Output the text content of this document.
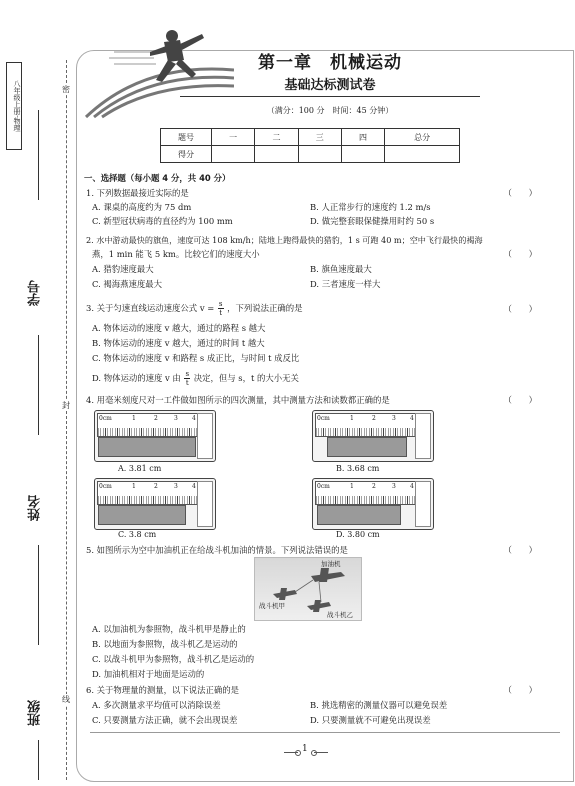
八年级上册·物理
学号
姓名
班级
密
封
线
第一章　机械运动
基础达标测试卷
（满分：100 分　时间：45 分钟）
题号	一	二	三	四	总分
得分					
一、选择题（每小题 4 分，共 40 分）
1. 下列数据最接近实际的是	（　　）
A. 课桌的高度约为 75 dm	B. 人正常步行的速度约 1.2 m/s
C. 新型冠状病毒的直径约为 100 mm	D. 做完整套眼保健操用时约 50 s
2. 水中游动最快的旗鱼，速度可达 108 km/h；陆地上跑得最快的猎豹，1 s 可跑 40 m；空中飞行最快的褐海
燕，1 min 能飞 5 km。比较它们的速度大小	（　　）
A. 猎豹速度最大	B. 旗鱼速度最大
C. 褐海燕速度最大	D. 三者速度一样大
3. 关于匀速直线运动速度公式 $v = \frac{s}{t}$ ，下列说法正确的是	（　　）
A. 物体运动的速度 v 越大，通过的路程 s 越大
B. 物体运动的速度 v 越大，通过的时间 t 越大
C. 物体运动的速度 v 和路程 s 成正比，与时间 t 成反比
D. 物体运动的速度 v 由 $\frac{s}{t}$ 决定，但与 s，t 的大小无关
4. 用毫米刻度尺对一工件做如图所示的四次测量，其中测量方法和读数都正确的是	（　　）
0cm	1	2	3 4
A. 3.81 cm
0cm	1	2	3 4
B. 3.68 cm
0cm	1	2	3 4
C. 3.8 cm
0cm	1	2	3 4
D. 3.80 cm
5. 如图所示为空中加油机正在给战斗机加油的情景。下列说法错误的是	（　　）
加油机
战斗机甲
战斗机乙
A. 以加油机为参照物，战斗机甲是静止的
B. 以地面为参照物，战斗机乙是运动的
C. 以战斗机甲为参照物，战斗机乙是运动的
D. 加油机相对于地面是运动的
6. 关于物理量的测量，以下说法正确的是	（　　）
A. 多次测量求平均值可以消除误差	B. 挑选精密的测量仪器可以避免误差
C. 只要测量方法正确，就不会出现误差	D. 只要测量就不可避免出现误差
1
